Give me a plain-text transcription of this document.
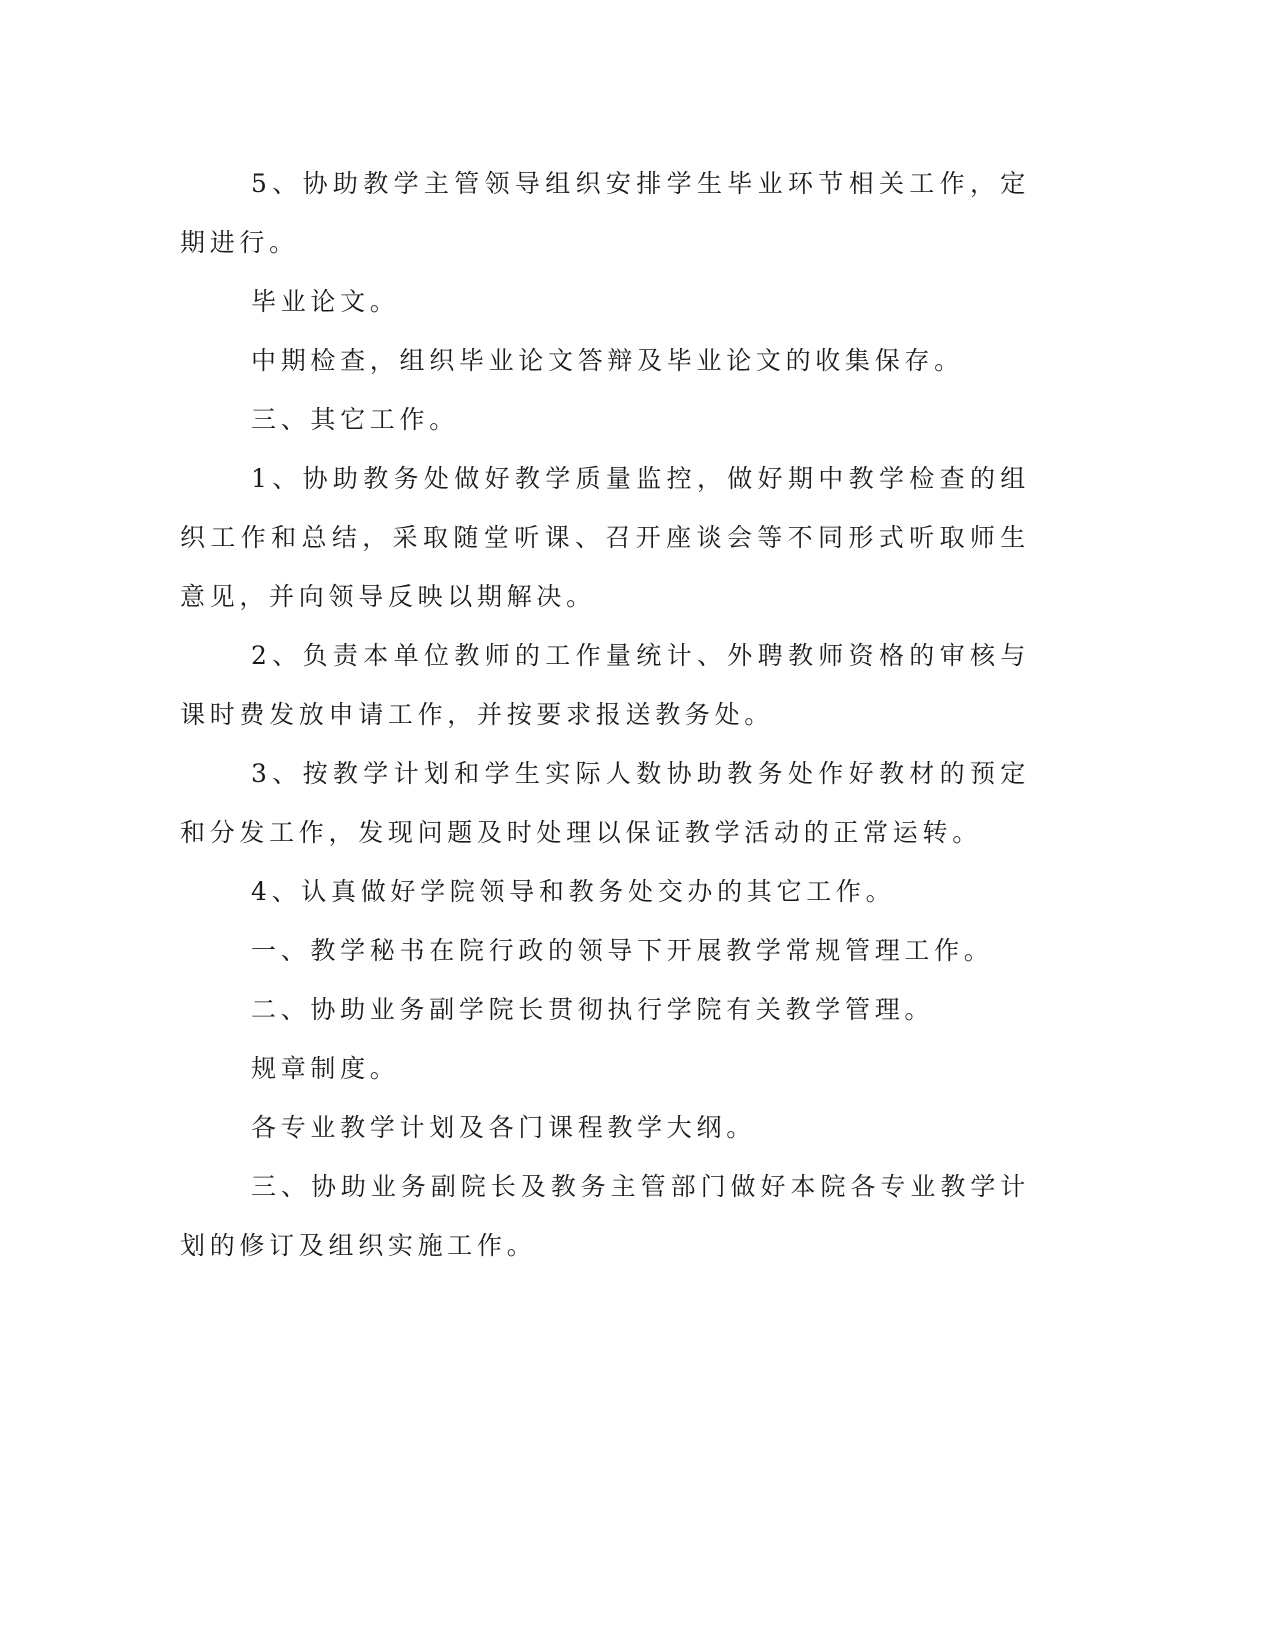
5、协助教学主管领导组织安排学生毕业环节相关工作，定期进行。

毕业论文。

中期检查，组织毕业论文答辩及毕业论文的收集保存。

三、其它工作。

1、协助教务处做好教学质量监控，做好期中教学检查的组织工作和总结，采取随堂听课、召开座谈会等不同形式听取师生意见，并向领导反映以期解决。

2、负责本单位教师的工作量统计、外聘教师资格的审核与课时费发放申请工作，并按要求报送教务处。

3、按教学计划和学生实际人数协助教务处作好教材的预定和分发工作，发现问题及时处理以保证教学活动的正常运转。

4、认真做好学院领导和教务处交办的其它工作。

一、教学秘书在院行政的领导下开展教学常规管理工作。

二、协助业务副学院长贯彻执行学院有关教学管理。

规章制度。

各专业教学计划及各门课程教学大纲。

三、协助业务副院长及教务主管部门做好本院各专业教学计划的修订及组织实施工作。
